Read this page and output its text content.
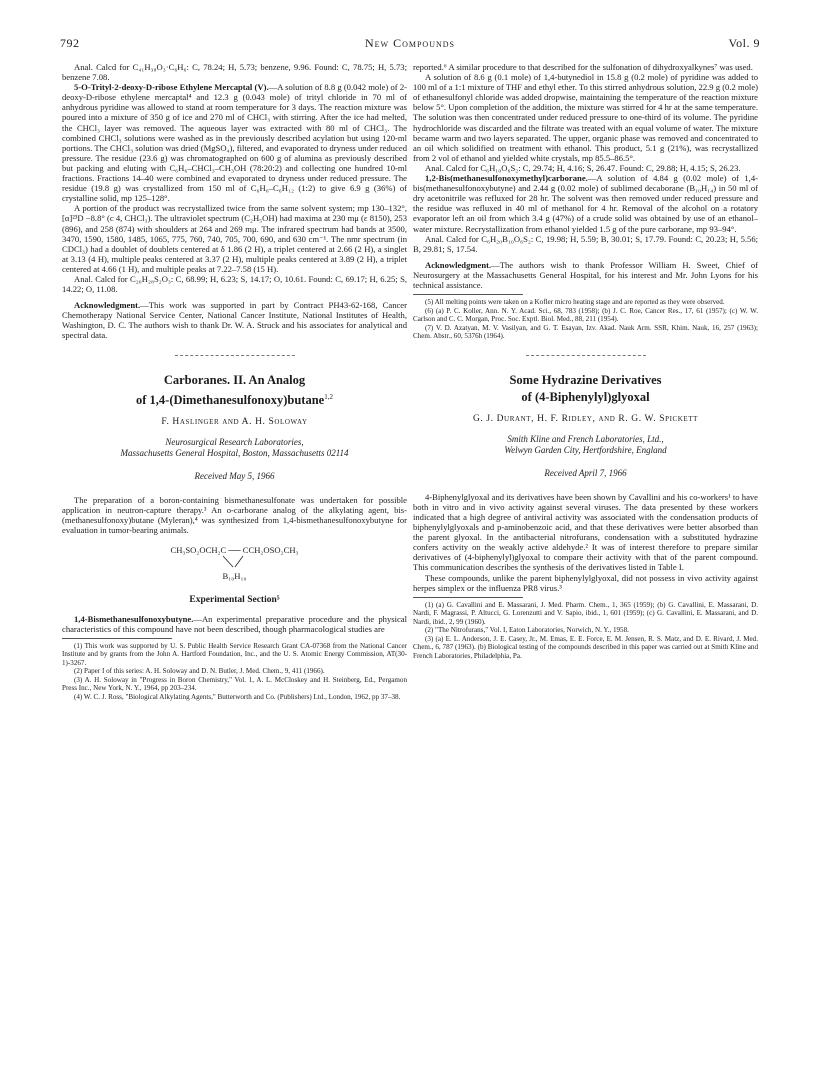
792	New Compounds	Vol. 9

Anal. Calcd for C₄₁H₃₈O₃·C₆H₆: C, 78.24; H, 5.73; benzene, 9.96. Found: C, 78.75; H, 5.73; benzene 7.08.

5-O-Trityl-2-deoxy-D-ribose Ethylene Mercaptal (V).—A solution of 8.8 g (0.042 mole) of 2-deoxy-D-ribose ethylene mercaptal⁴ and 12.3 g (0.043 mole) of trityl chloride in 70 ml of anhydrous pyridine was allowed to stand at room temperature for 3 days. The reaction mixture was poured into a mixture of 350 g of ice and 270 ml of CHCl₃ with stirring. After the ice had melted, the CHCl₃ layer was removed. The aqueous layer was extracted with 80 ml of CHCl₃. The combined CHCl₃ solutions were washed as in the previously described acylation but using 120-ml portions. The CHCl₃ solution was dried (MgSO₄), filtered, and evaporated to dryness under reduced pressure. The residue (23.6 g) was chromatographed on 600 g of alumina as previously described but packing and eluting with C₆H₆–CHCl₃–CH₃OH (78:20:2) and collecting one hundred 10-ml fractions. Fractions 14–40 were combined and evaporated to dryness under reduced pressure. The residue (19.8 g) was crystallized from 150 ml of C₆H₆–C₆H₁₂ (1:2) to give 6.9 g (36%) of crystalline solid, mp 125–128°.

A portion of the product was recrystallized twice from the same solvent system; mp 130–132°, [α]²³D −8.8° (c 4, CHCl₃). The ultraviolet spectrum (C₂H₅OH) had maxima at 230 mμ (ε 8150), 253 (896), and 258 (874) with shoulders at 264 and 269 mμ. The infrared spectrum had bands at 3500, 3470, 1590, 1580, 1485, 1065, 775, 760, 740, 705, 700, 690, and 630 cm⁻¹. The nmr spectrum (in CDCl₃) had a doublet of doublets centered at δ 1.86 (2 H), a triplet centered at 2.66 (2 H), a singlet at 3.13 (4 H), multiple peaks centered at 3.37 (2 H), multiple peaks centered at 3.89 (2 H), a triplet centered at 4.66 (1 H), and multiple peaks at 7.22–7.58 (15 H).

Anal. Calcd for C₂₆H₂₈S₂O₃: C, 68.99; H, 6.23; S, 14.17; O, 10.61. Found: C, 69.17; H, 6.25; S, 14.22; O, 11.08.

Acknowledgment.—This work was supported in part by Contract PH43-62-168, Cancer Chemotherapy National Service Center, National Cancer Institute, National Institutes of Health, Washington, D. C. The authors wish to thank Dr. W. A. Struck and his associates for analytical and spectral data.

Carboranes. II. An Analog
of 1,4-(Dimethanesulfonoxy)butane$^{1,2}$
F. Haslinger and A. H. Soloway
Neurosurgical Research Laboratories,
Massachusetts General Hospital, Boston, Massachusetts 02114
Received May 5, 1966

The preparation of a boron-containing bismethanesulfonate was undertaken for possible application in neutron-capture therapy.³ An o-carborane analog of the alkylating agent, bis-(methanesulfonoxy)butane (Myleran),⁴ was synthesized from 1,4-bismethanesulfonoxybutyne for evaluation in tumor-bearing animals.

CH₃SO₂OCH₂C ── CCH₂OSO₂CH₃
B₁₀H₁₀
Experimental Section⁵

1,4-Bismethanesulfonoxybutyne.—An experimental preparative procedure and the physical characteristics of this compound have not been described, though pharmacological studies are

(1) This work was supported by U. S. Public Health Service Research Grant CA-07368 from the National Cancer Institute and by grants from the John A. Hartford Foundation, Inc., and the U. S. Atomic Energy Commission, AT(30-1)-3267.

(2) Paper I of this series: A. H. Soloway and D. N. Butler, J. Med. Chem., 9, 411 (1966).

(3) A. H. Soloway in "Progress in Boron Chemistry," Vol. 1, A. L. McCloskey and H. Steinberg, Ed., Pergamon Press Inc., New York, N. Y., 1964, pp 203–234.

(4) W. C. J. Ross, "Biological Alkylating Agents," Butterworth and Co. (Publishers) Ltd., London, 1962, pp 37–38.

reported.⁶ A similar procedure to that described for the sulfonation of dihydroxyalkynes⁷ was used.

A solution of 8.6 g (0.1 mole) of 1,4-butynediol in 15.8 g (0.2 mole) of pyridine was added to 100 ml of a 1:1 mixture of THF and ethyl ether. To this stirred anhydrous solution, 22.9 g (0.2 mole) of ethanesulfonyl chloride was added dropwise, maintaining the temperature of the reaction mixture below 5°. Upon completion of the addition, the mixture was stirred for 4 hr at the same temperature. The solution was then concentrated under reduced pressure to one-third of its volume. The pyridine hydrochloride was discarded and the filtrate was treated with an equal volume of water. The mixture became warm and two layers separated. The upper, organic phase was removed and concentrated to an oil which solidified on treatment with ethanol. This product, 5.1 g (21%), was recrystallized from 2 vol of ethanol and yielded white crystals, mp 85.5–86.5°.

Anal. Calcd for C₆H₁₀O₆S₂: C, 29.74; H, 4.16; S, 26.47. Found: C, 29.88; H, 4.15; S, 26.23.

1,2-Bis(methanesulfonoxymethyl)carborane.—A solution of 4.84 g (0.02 mole) of 1,4-bis(methanesulfonoxybutyne) and 2.44 g (0.02 mole) of sublimed decaborane (B₁₀H₁₄) in 50 ml of dry acetonitrile was refluxed for 28 hr. The solvent was then removed under reduced pressure and the residue was refluxed in 40 ml of methanol for 4 hr. Removal of the alcohol on a rotatory evaporator left an oil from which 3.4 g (47%) of a crude solid was obtained by use of an ethanol–water mixture. Recrystallization from ethanol yielded 1.5 g of the pure carborane, mp 93–94°.

Anal. Calcd for C₆H₂₀B₁₀O₆S₂: C, 19.98; H, 5.59; B, 30.01; S, 17.79. Found: C, 20.23; H, 5.56; B, 29.81; S, 17.54.

Acknowledgment.—The authors wish to thank Professor William H. Sweet, Chief of Neurosurgery at the Massachusetts General Hospital, for his interest and Mr. John Lyons for his technical assistance.

(5) All melting points were taken on a Kofler micro heating stage and are reported as they were observed.

(6) (a) P. C. Koller, Ann. N. Y. Acad. Sci., 68, 783 (1958); (b) J. C. Roe, Cancer Res., 17, 61 (1957); (c) W. W. Carlson and C. C. Morgan, Proc. Soc. Exptl. Biol. Med., 88, 211 (1954).

(7) V. D. Azatyan, M. V. Vasilyan, and G. T. Esayan, Izv. Akad. Nauk Arm. SSR, Khim. Nauk, 16, 257 (1963); Chem. Abstr., 60, 5376h (1964).

Some Hydrazine Derivatives
of (4-Biphenylyl)glyoxal
G. J. Durant, H. F. Ridley, and R. G. W. Spickett
Smith Kline and French Laboratories, Ltd.,
Welwyn Garden City, Hertfordshire, England
Received April 7, 1966

4-Biphenylglyoxal and its derivatives have been shown by Cavallini and his co-workers¹ to have both in vitro and in vivo activity against several viruses. The data presented by these workers indicated that a high degree of antiviral activity was associated with the condensation products of biphenylylglyoxals and p-aminobenzoic acid, and that these derivatives were better absorbed than the parent glyoxal. In the antibacterial nitrofurans, condensation with a substituted hydrazine confers activity on the weakly active aldehyde.² It was of interest therefore to prepare similar derivatives of (4-biphenylyl)glyoxal to compare their activity with that of the parent compound. This communication describes the synthesis of the derivatives listed in Table I.

These compounds, unlike the parent biphenylylglyoxal, did not possess in vivo activity against herpes simplex or the influenza PR8 virus.³

(1) (a) G. Cavallini and E. Massarani, J. Med. Pharm. Chem., 1, 365 (1959); (b) G. Cavallini, E. Massarani, D. Nardi, F. Magrassi, P. Altucci, G. Lorenzutti and V. Sapio, ibid., 1, 601 (1959); (c) G. Cavallini, E. Massarani, and D. Nardi, ibid., 2, 99 (1960).

(2) "The Nitrofurans," Vol. I, Eaton Laboratories, Norwich, N. Y., 1958.

(3) (a) E. L. Anderson, J. E. Casey, Jr., M. Emas, E. E. Force, E. M. Jensen, R. S. Matz, and D. E. Rivard, J. Med. Chem., 6, 787 (1963). (b) Biological testing of the compounds described in this paper was carried out at Smith Kline and French Laboratories, Philadelphia, Pa.
